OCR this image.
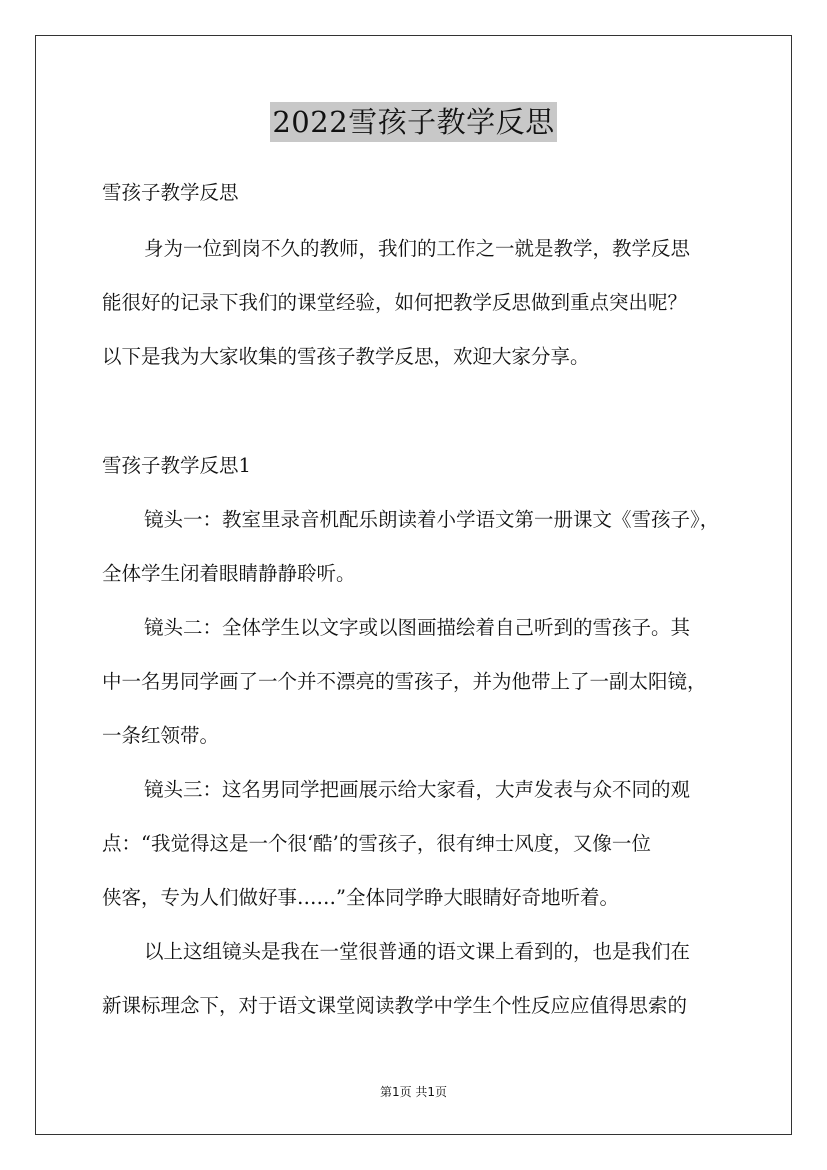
2022雪孩子教学反思
雪孩子教学反思
身为一位到岗不久的教师，我们的工作之一就是教学，教学反思
能很好的记录下我们的课堂经验，如何把教学反思做到重点突出呢？
以下是我为大家收集的雪孩子教学反思，欢迎大家分享。
雪孩子教学反思1
镜头一：教室里录音机配乐朗读着小学语文第一册课文《雪孩子》，
全体学生闭着眼睛静静聆听。
镜头二：全体学生以文字或以图画描绘着自己听到的雪孩子。其
中一名男同学画了一个并不漂亮的雪孩子，并为他带上了一副太阳镜，
一条红领带。
镜头三：这名男同学把画展示给大家看，大声发表与众不同的观
点：“我觉得这是一个很‘酷’的雪孩子，很有绅士风度，又像一位
侠客，专为人们做好事……”全体同学睁大眼睛好奇地听着。
以上这组镜头是我在一堂很普通的语文课上看到的，也是我们在
新课标理念下，对于语文课堂阅读教学中学生个性反应应值得思索的
第1页 共1页
